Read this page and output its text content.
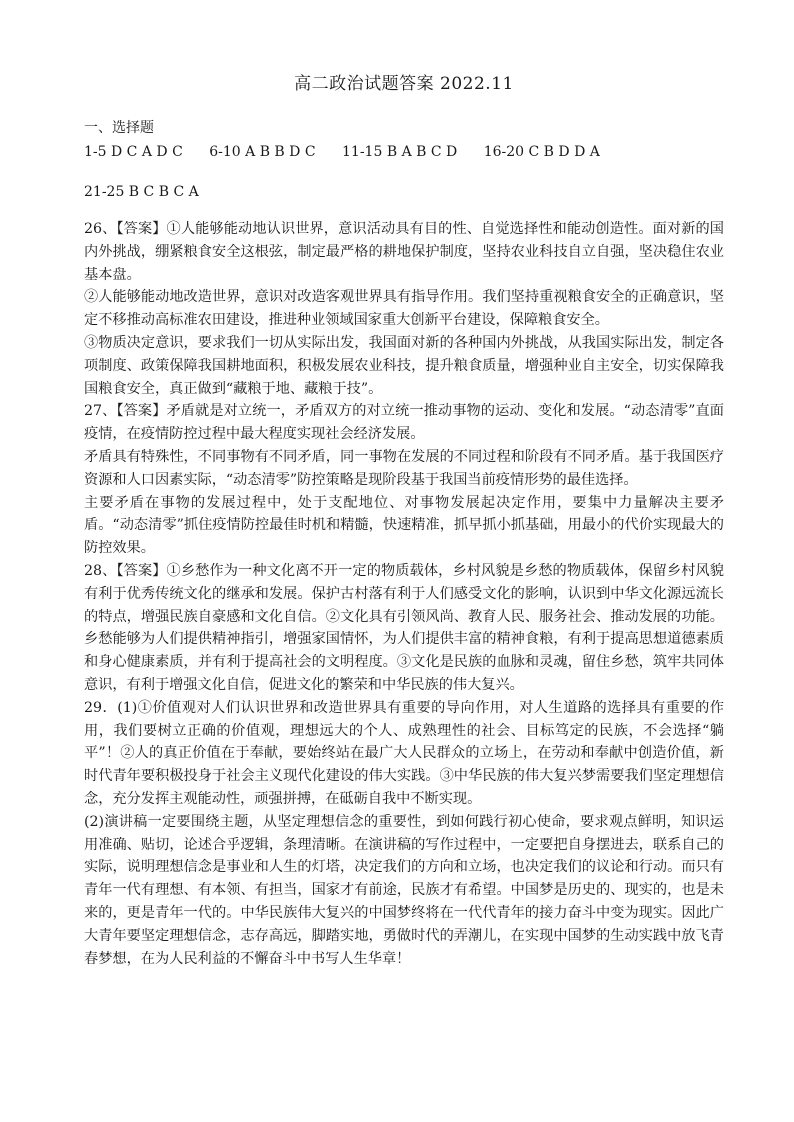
高二政治试题答案 2022.11
一、选择题
1-5 D C A D C 6-10 A B B D C 11-15 B A B C D 16-20 C B D D A
21-25 B C B C A

26、【答案】①人能够能动地认识世界，意识活动具有目的性、自觉选择性和能动创造性。面对新的国内外挑战，绷紧粮食安全这根弦，制定最严格的耕地保护制度，坚持农业科技自立自强，坚决稳住农业基本盘。

②人能够能动地改造世界，意识对改造客观世界具有指导作用。我们坚持重视粮食安全的正确意识，坚定不移推动高标准农田建设，推进种业领域国家重大创新平台建设，保障粮食安全。

③物质决定意识，要求我们一切从实际出发，我国面对新的各种国内外挑战，从我国实际出发，制定各项制度、政策保障我国耕地面积，积极发展农业科技，提升粮食质量，增强种业自主安全，切实保障我国粮食安全，真正做到“藏粮于地、藏粮于技”。

27、【答案】矛盾就是对立统一，矛盾双方的对立统一推动事物的运动、变化和发展。“动态清零”直面疫情，在疫情防控过程中最大程度实现社会经济发展。

矛盾具有特殊性，不同事物有不同矛盾，同一事物在发展的不同过程和阶段有不同矛盾。基于我国医疗资源和人口因素实际，“动态清零”防控策略是现阶段基于我国当前疫情形势的最佳选择。

主要矛盾在事物的发展过程中，处于支配地位、对事物发展起决定作用，要集中力量解决主要矛盾。“动态清零”抓住疫情防控最佳时机和精髓，快速精准，抓早抓小抓基础，用最小的代价实现最大的防控效果。

28、【答案】①乡愁作为一种文化离不开一定的物质载体，乡村风貌是乡愁的物质载体，保留乡村风貌有利于优秀传统文化的继承和发展。保护古村落有利于人们感受文化的影响，认识到中华文化源远流长的特点，增强民族自豪感和文化自信。②文化具有引领风尚、教育人民、服务社会、推动发展的功能。乡愁能够为人们提供精神指引，增强家国情怀，为人们提供丰富的精神食粮，有利于提高思想道德素质和身心健康素质，并有利于提高社会的文明程度。③文化是民族的血脉和灵魂，留住乡愁，筑牢共同体意识，有利于增强文化自信，促进文化的繁荣和中华民族的伟大复兴。

29．(1)①价值观对人们认识世界和改造世界具有重要的导向作用，对人生道路的选择具有重要的作用，我们要树立正确的价值观，理想远大的个人、成熟理性的社会、目标笃定的民族，不会选择“躺平”！②人的真正价值在于奉献，要始终站在最广大人民群众的立场上，在劳动和奉献中创造价值，新时代青年要积极投身于社会主义现代化建设的伟大实践。③中华民族的伟大复兴梦需要我们坚定理想信念，充分发挥主观能动性，顽强拼搏，在砥砺自我中不断实现。

(2)演讲稿一定要围绕主题，从坚定理想信念的重要性，到如何践行初心使命，要求观点鲜明，知识运用准确、贴切，论述合乎逻辑，条理清晰。在演讲稿的写作过程中，一定要把自身摆进去，联系自己的实际，说明理想信念是事业和人生的灯塔，决定我们的方向和立场，也决定我们的议论和行动。而只有青年一代有理想、有本领、有担当，国家才有前途，民族才有希望。中国梦是历史的、现实的，也是未来的，更是青年一代的。中华民族伟大复兴的中国梦终将在一代代青年的接力奋斗中变为现实。因此广大青年要坚定理想信念，志存高远，脚踏实地，勇做时代的弄潮儿，在实现中国梦的生动实践中放飞青春梦想，在为人民利益的不懈奋斗中书写人生华章！
